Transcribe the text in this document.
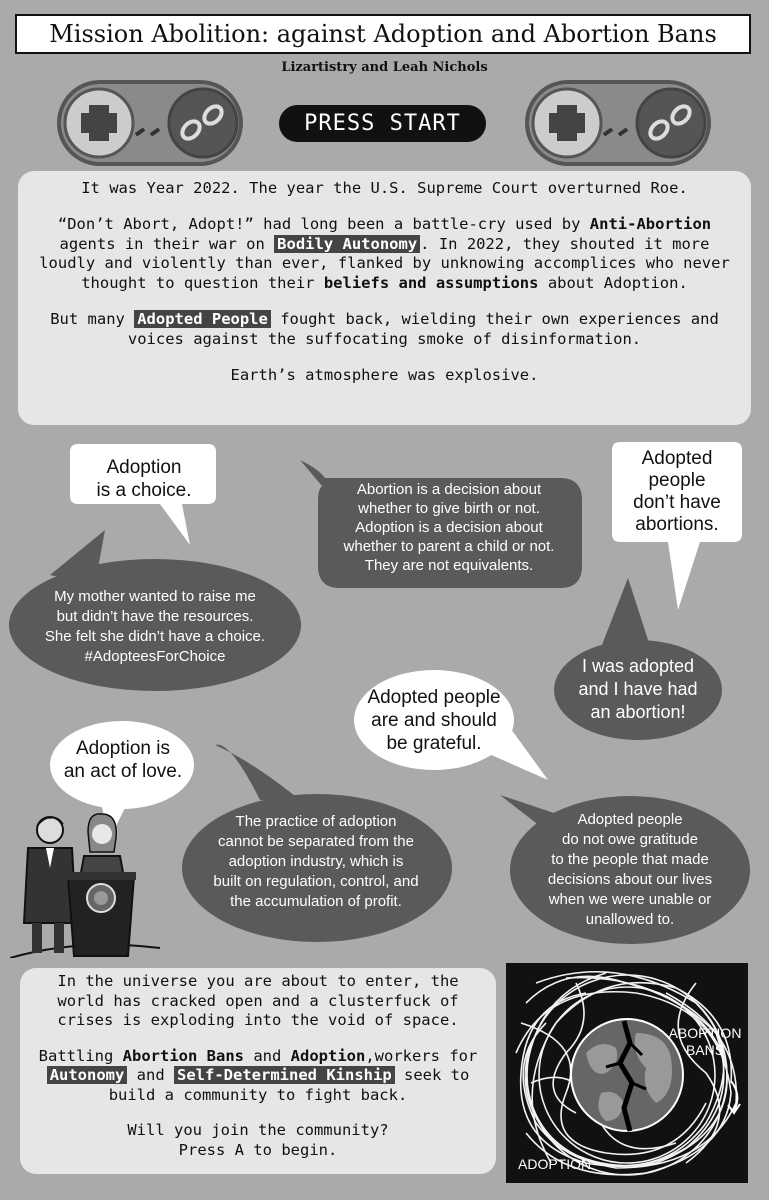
Mission Abolition: against Adoption and Abortion Bans
Lizartistry and Leah Nichols
PRESS START

It was Year 2022. The year the U.S. Supreme Court overturned Roe.

“Don’t Abort, Adopt!” had long been a battle-cry used by Anti-Abortion agents in their war on Bodily Autonomy . In 2022, they shouted it more loudly and violently than ever, flanked by unknowing accomplices who never thought to question their beliefs and assumptions about Adoption.

But many Adopted People fought back, wielding their own experiences and voices against the suffocating smoke of disinformation.

Earth’s atmosphere was explosive.

Adoption
is a choice.	Abortion is a decision about
whether to give birth or not.
Adoption is a decision about
whether to parent a child or not.
They are not equivalents.
Adopted
people
don’t have
abortions.
My mother wanted to raise me
but didn’t have the resources.
She felt she didn’t have a choice.
#AdopteesForChoice	I was adopted
and I have had
an abortion!
Adopted people
are and should
be grateful.
Adoption is
an act of love.
The practice of adoption
cannot be separated from the
adoption industry, which is
built on regulation, control, and
the accumulation of profit.
Adopted people
do not owe gratitude
to the people that made
decisions about our lives
when we were unable or
unallowed to.

In the universe you are about to enter, the world has cracked open and a clusterfuck of crises is exploding into the void of space.

Battling Abortion Bans and Adoption,workers for Autonomy and Self-Determined Kinship seek to build a community to fight back.

Will you join the community?
Press A to begin.

ABORTION
BANS
ADOPTION
